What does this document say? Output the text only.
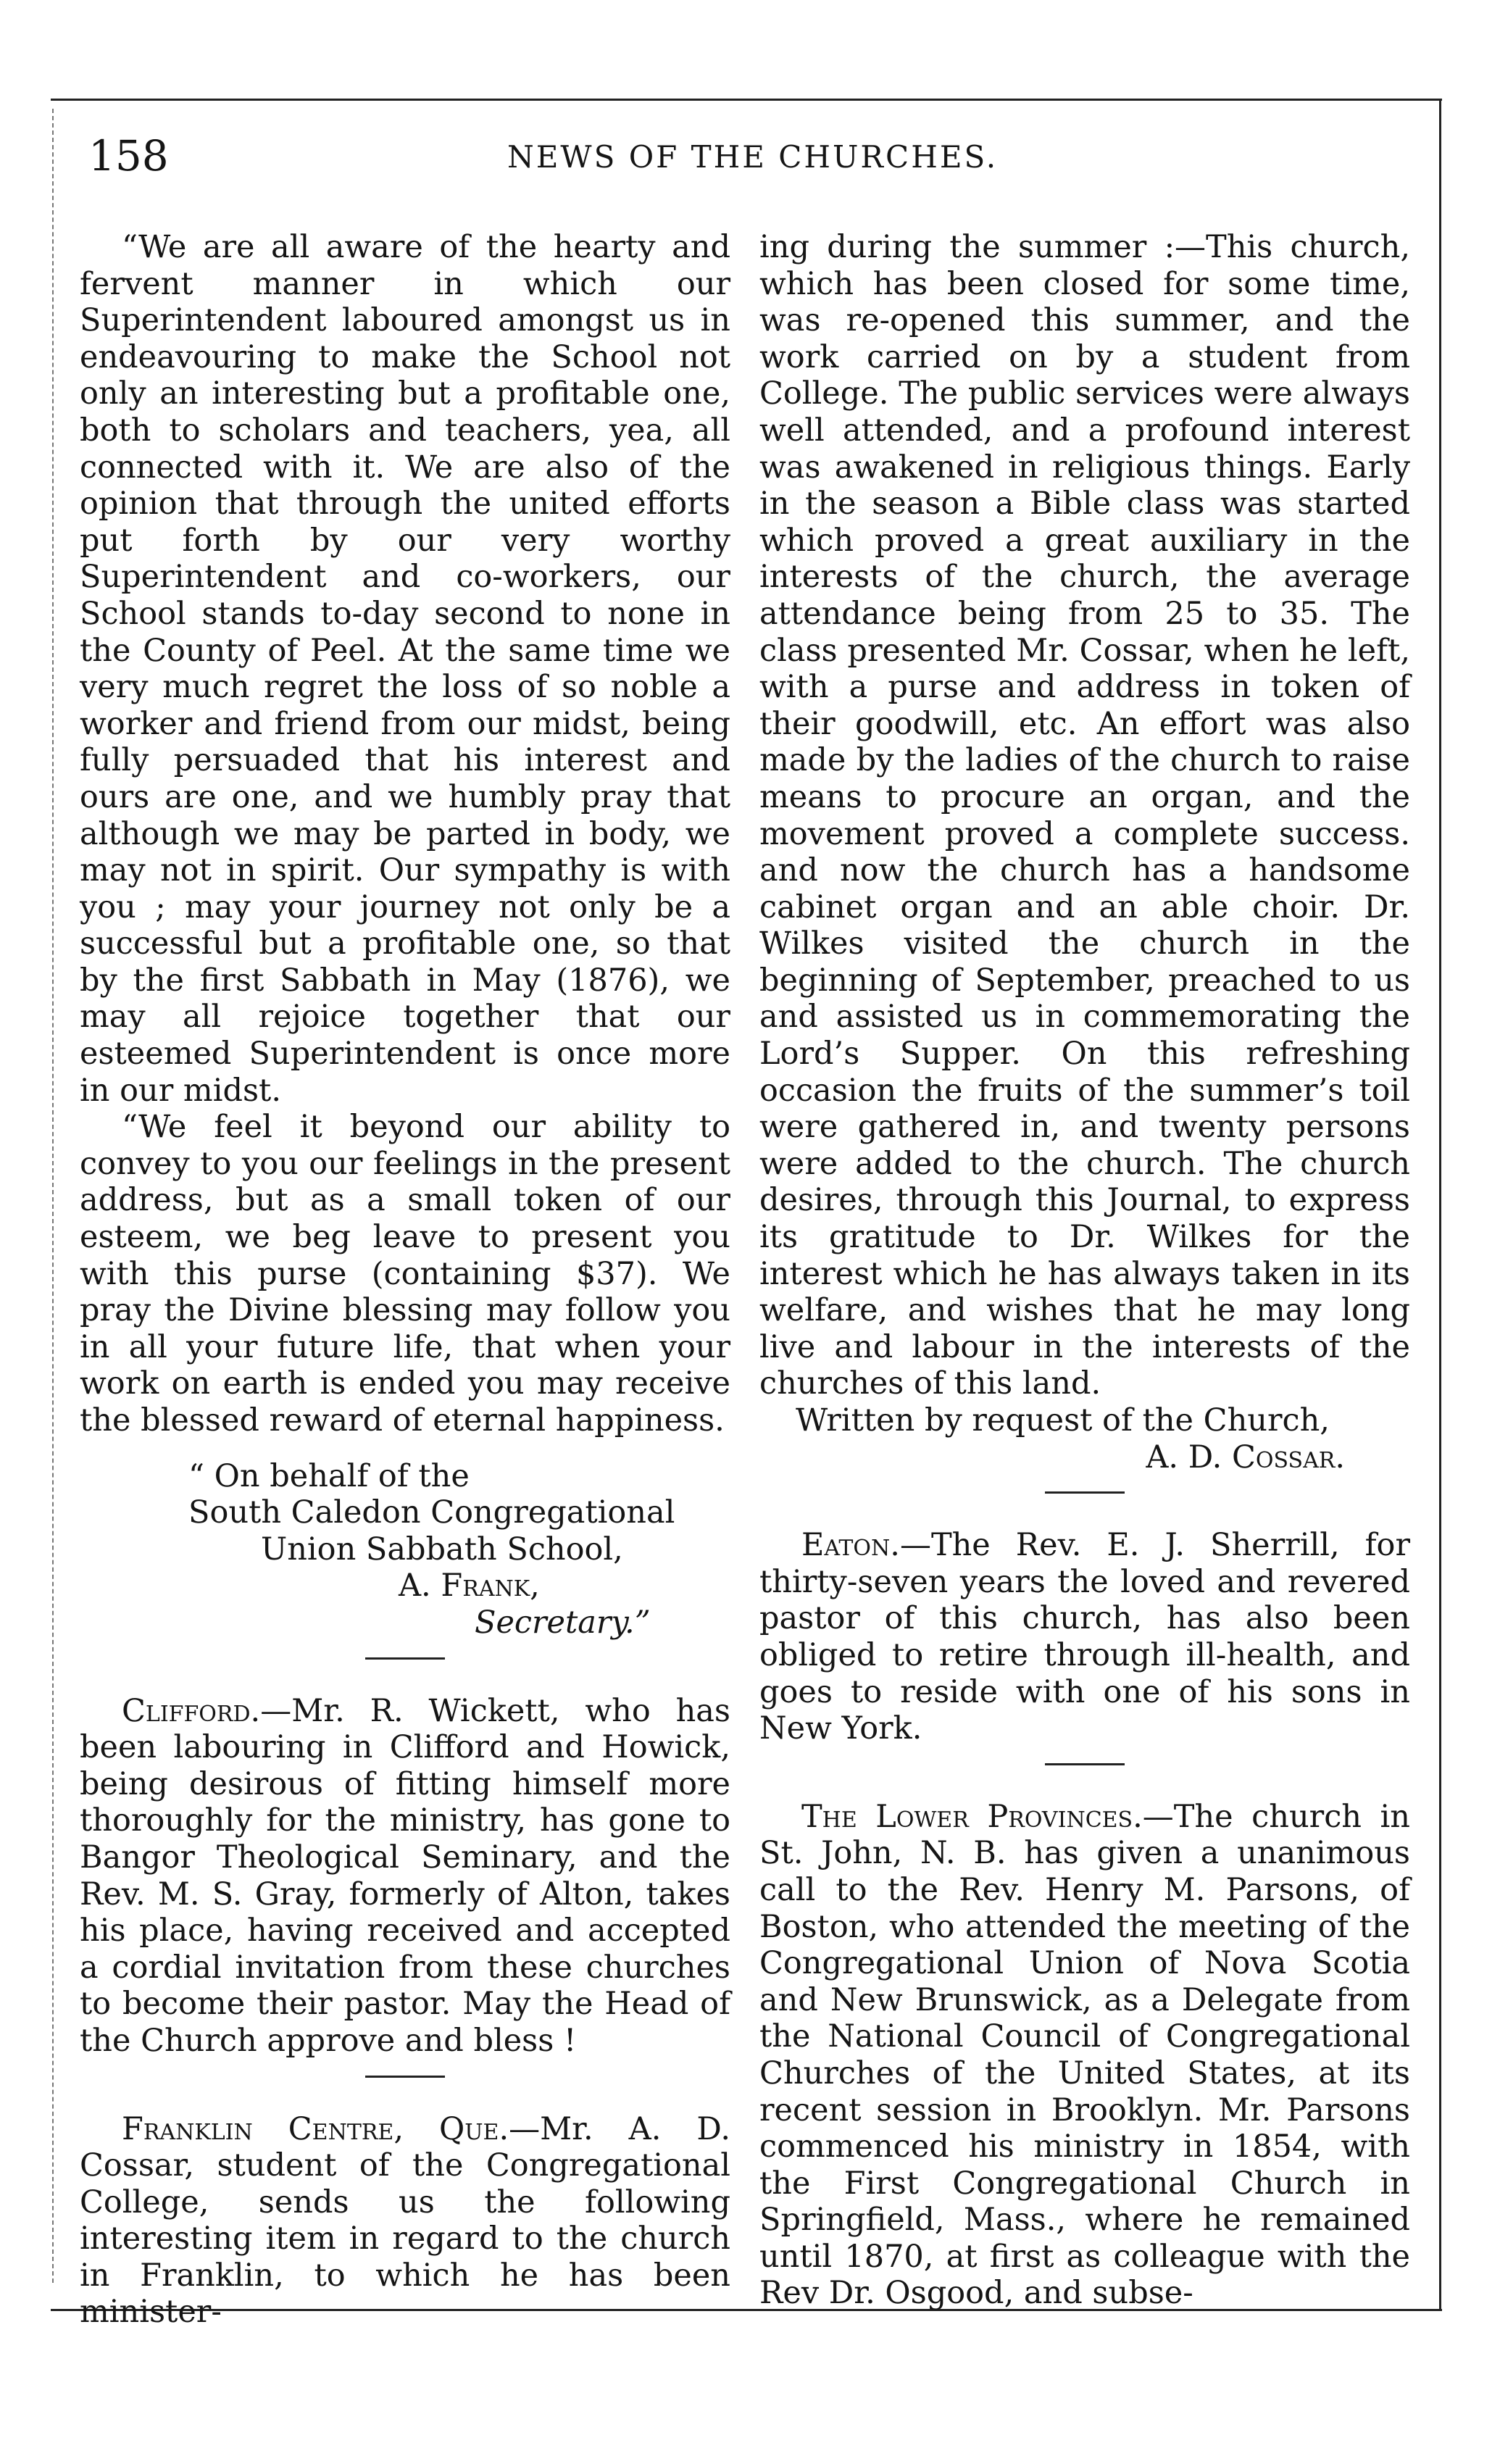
158	NEWS OF THE CHURCHES.

“We are all aware of the hearty and fervent manner in which our Superintendent laboured amongst us in endeavouring to make the School not only an interesting but a profitable one, both to scholars and teachers, yea, all connected with it. We are also of the opinion that through the united efforts put forth by our very worthy Superintendent and co-workers, our School stands to-day second to none in the County of Peel. At the same time we very much regret the loss of so noble a worker and friend from our midst, being fully persuaded that his interest and ours are one, and we humbly pray that although we may be parted in body, we may not in spirit. Our sympathy is with you ; may your journey not only be a successful but a profitable one, so that by the first Sabbath in May (1876), we may all rejoice together that our esteemed Superintendent is once more in our midst.

“We feel it beyond our ability to convey to you our feelings in the present address, but as a small token of our esteem, we beg leave to present you with this purse (containing $37). We pray the Divine blessing may follow you in all your future life, that when your work on earth is ended you may receive the blessed reward of eternal happiness.

“ On behalf of the

South Caledon Congregational

Union Sabbath School,

A. Frank,

Secretary.”

Clifford.—Mr. R. Wickett, who has been labouring in Clifford and Howick, being desirous of fitting himself more thoroughly for the ministry, has gone to Bangor Theological Seminary, and the Rev. M. S. Gray, formerly of Alton, takes his place, having received and accepted a cordial invitation from these churches to become their pastor. May the Head of the Church approve and bless !

Franklin Centre, Que.—Mr. A. D. Cossar, student of the Congregational College, sends us the following interesting item in regard to the church in Franklin, to which he has been minister-

ing during the summer :—This church, which has been closed for some time, was re-opened this summer, and the work carried on by a student from College. The public services were always well attended, and a profound interest was awakened in religious things. Early in the season a Bible class was started which proved a great auxiliary in the interests of the church, the average attendance being from 25 to 35. The class presented Mr. Cossar, when he left, with a purse and address in token of their goodwill, etc. An effort was also made by the ladies of the church to raise means to procure an organ, and the movement proved a complete success. and now the church has a handsome cabinet organ and an able choir. Dr. Wilkes visited the church in the beginning of September, preached to us and assisted us in commemorating the Lord’s Supper. On this refreshing occasion the fruits of the summer’s toil were gathered in, and twenty persons were added to the church. The church desires, through this Journal, to express its gratitude to Dr. Wilkes for the interest which he has always taken in its welfare, and wishes that he may long live and labour in the interests of the churches of this land.

Written by request of the Church,

A. D. Cossar.

Eaton.—The Rev. E. J. Sherrill, for thirty-seven years the loved and revered pastor of this church, has also been obliged to retire through ill-health, and goes to reside with one of his sons in New York.

The Lower Provinces.—The church in St. John, N. B. has given a unanimous call to the Rev. Henry M. Parsons, of Boston, who attended the meeting of the Congregational Union of Nova Scotia and New Brunswick, as a Delegate from the National Council of Congregational Churches of the United States, at its recent session in Brooklyn. Mr. Parsons commenced his ministry in 1854, with the First Congregational Church in Springfield, Mass., where he remained until 1870, at first as colleague with the Rev Dr. Osgood, and subse-
